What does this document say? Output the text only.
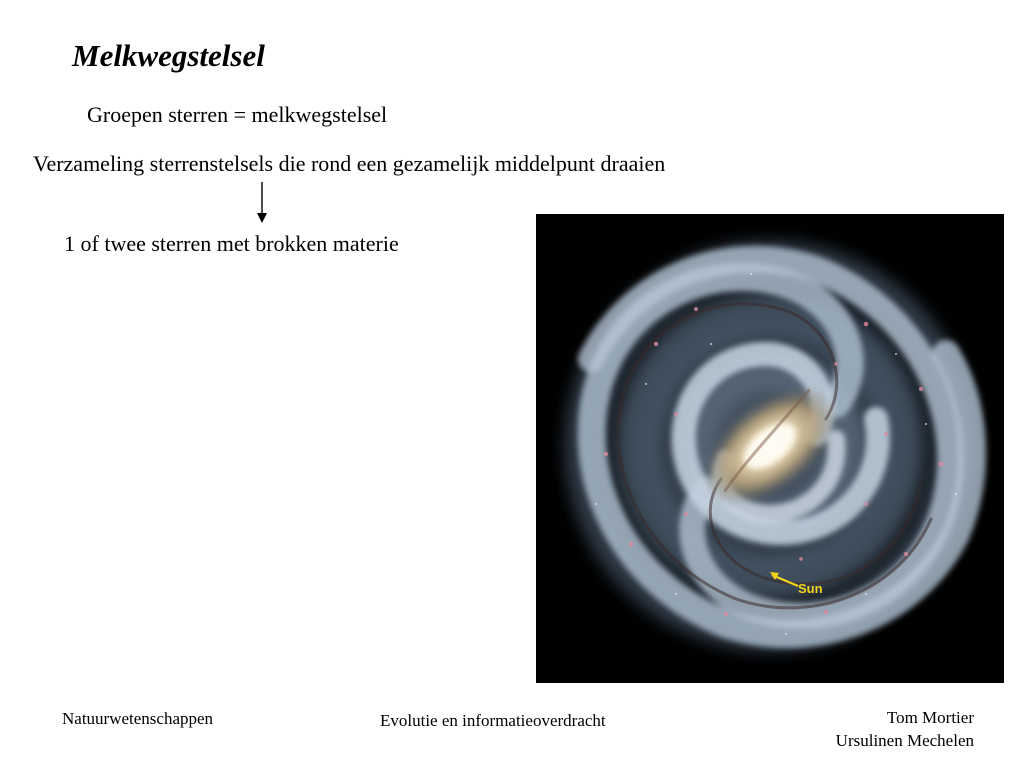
Melkwegstelsel
Groepen sterren = melkwegstelsel
Verzameling sterrenstelsels die rond een gezamelijk middelpunt draaien
1 of twee sterren met brokken materie
Sun
Natuurwetenschappen	Evolutie en informatieoverdracht	Tom Mortier
Ursulinen Mechelen
